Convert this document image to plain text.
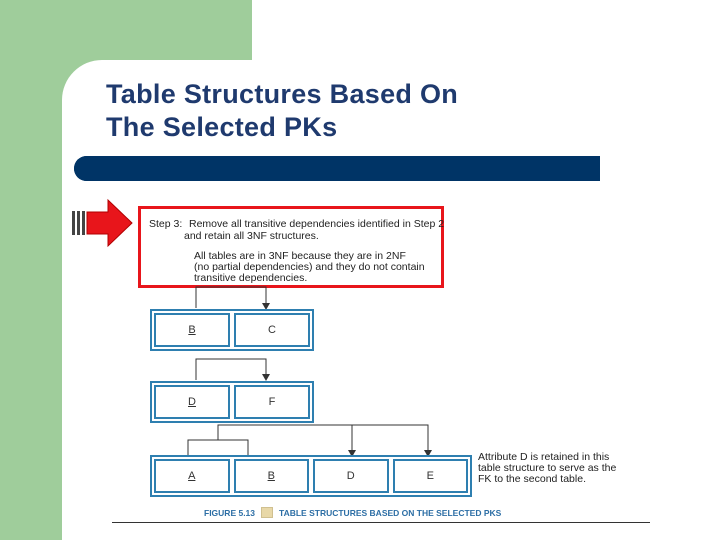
Table Structures Based On
The Selected PKs
Step 3: Remove all transitive dependencies identified in Step 2
and retain all 3NF structures.
All tables are in 3NF because they are in 2NF
(no partial dependencies) and they do not contain
transitive dependencies.
B	C
D	F
A	B	D	E
Attribute D is retained in this
table structure to serve as the
FK to the second table.
FIGURE 5.13	TABLE STRUCTURES BASED ON THE SELECTED PKS
